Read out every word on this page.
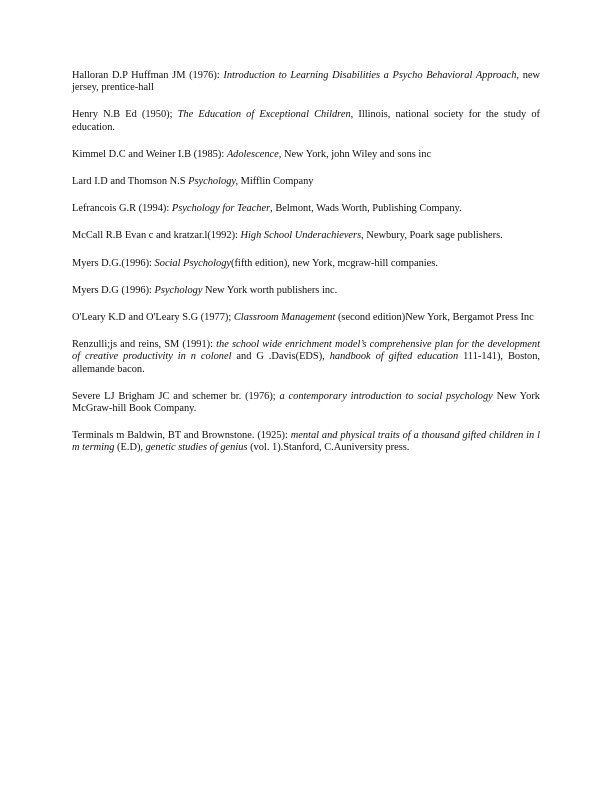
Halloran D.P Huffman JM (1976): Introduction to Learning Disabilities a Psycho Behavioral Approach, new jersey, prentice-hall

Henry N.B Ed (1950); The Education of Exceptional Children, Illinois, national society for the study of education.

Kimmel D.C and Weiner I.B (1985): Adolescence, New York, john Wiley and sons inc

Lard I.D and Thomson N.S Psychology, Mifflin Company

Lefrancois G.R (1994): Psychology for Teacher, Belmont, Wads Worth, Publishing Company.

McCall R.B Evan c and kratzar.l(1992): High School Underachievers, Newbury, Poark sage publishers.

Myers D.G.(1996): Social Psychology(fifth edition), new York, mcgraw-hill companies.

Myers D.G (1996): Psychology New York worth publishers inc.

O'Leary K.D and O'Leary S.G (1977); Classroom Management (second edition)New York, Bergamot Press Inc

Renzulli;js and reins, SM (1991): the school wide enrichment model’s comprehensive plan for the development of creative productivity in n colonel and G .Davis(EDS), handbook of gifted education 111-141), Boston, allemande bacon.

Severe LJ Brigham JC and schemer br. (1976); a contemporary introduction to social psychology New York McGraw-hill Book Company.

Terminals m Baldwin, BT and Brownstone. (1925): mental and physical traits of a thousand gifted children in l m terming (E.D), genetic studies of genius (vol. 1).Stanford, C.Auniversity press.
